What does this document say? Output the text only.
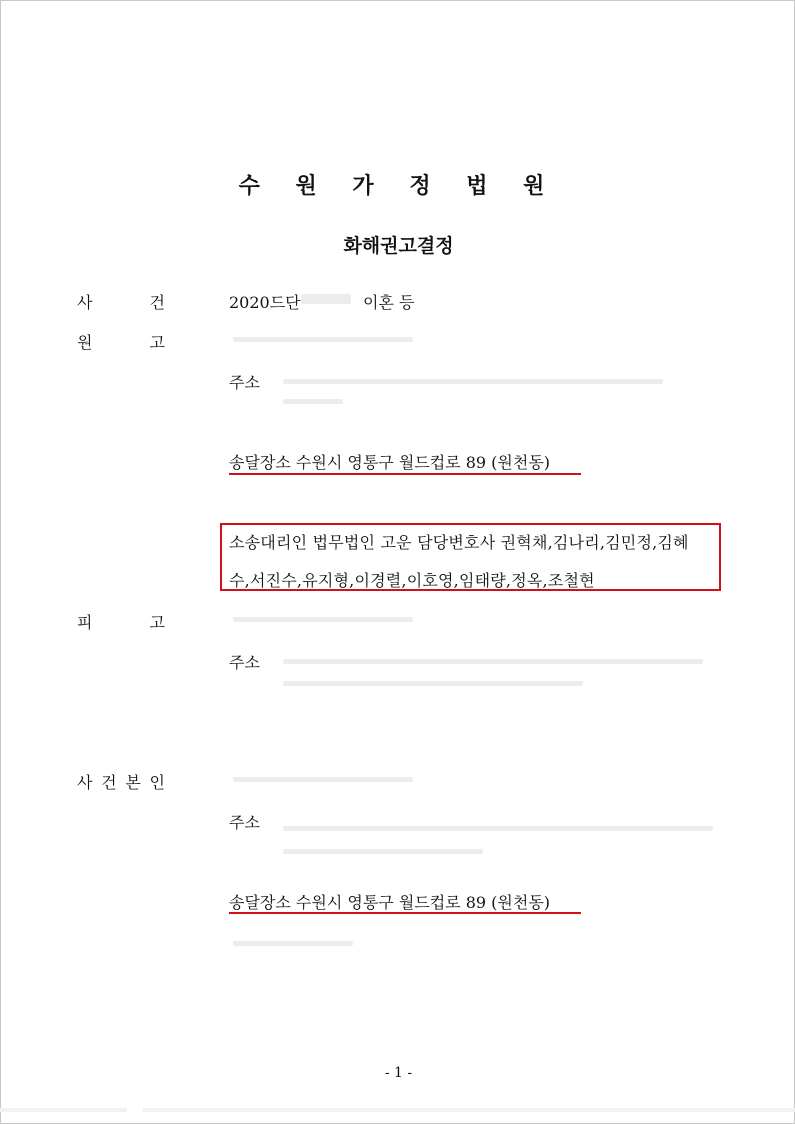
수 원 가 정 법 원
화해권고결정
사	건	2020드단	이혼 등
원	고
주소
송달장소 수원시 영통구 월드컵로 89 (원천동)
소송대리인 법무법인 고운 담당변호사 권혁채,김나리,김민정,김혜
수,서진수,유지형,이경렬,이호영,임태량,정옥,조철현
피	고
주소
사 건 본 인
주소
송달장소 수원시 영통구 월드컵로 89 (원천동)
- 1 -
